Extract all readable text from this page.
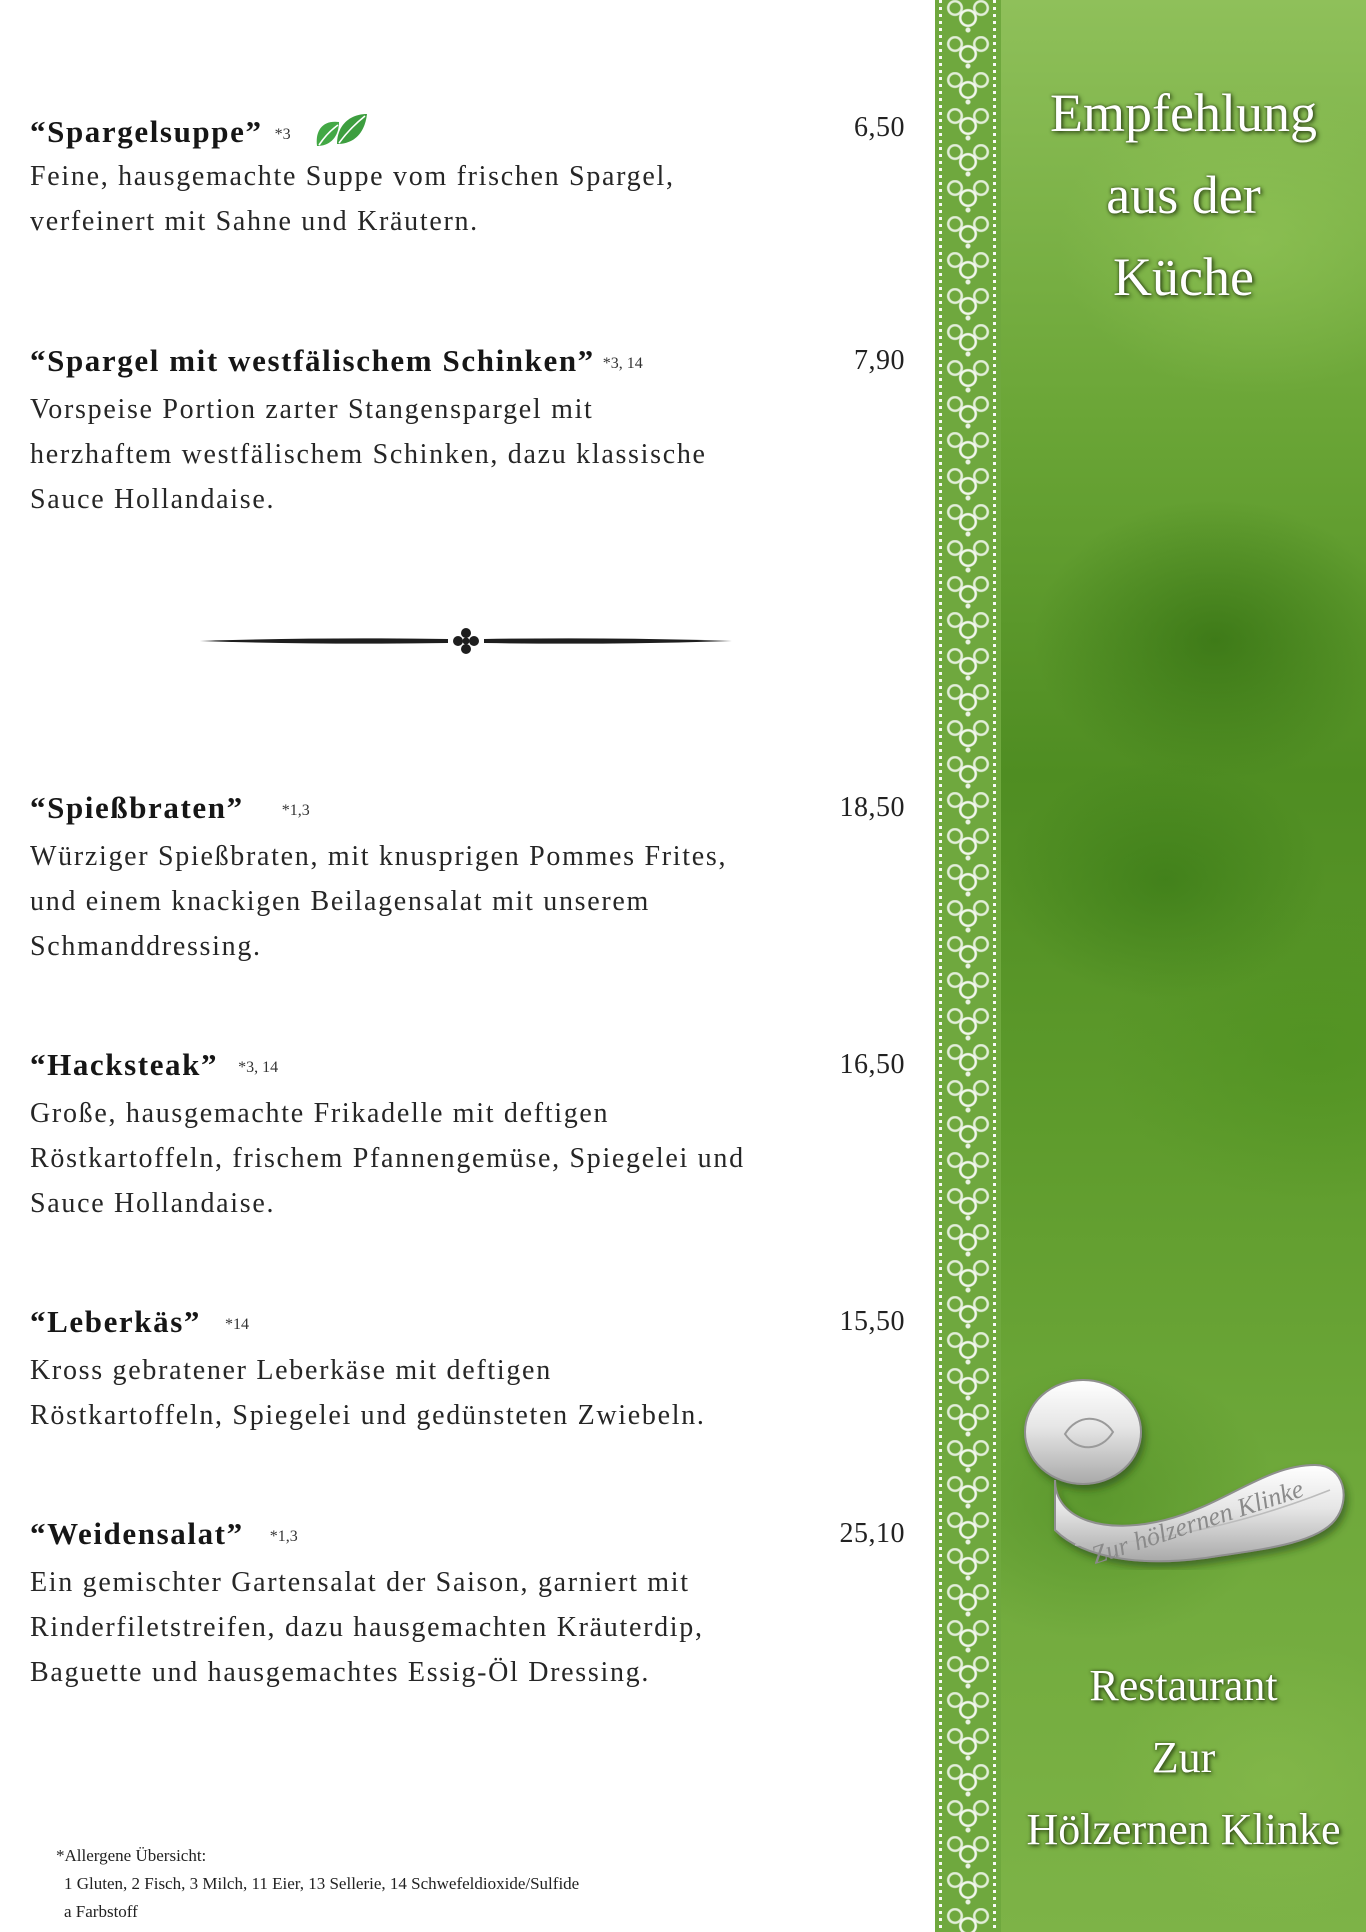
“Spargelsuppe” *3	6,50

Feine, hausgemachte Suppe vom frischen Spargel,
verfeinert mit Sahne und Kräutern.

“Spargel mit westfälischem Schinken” *3, 14	7,90

Vorspeise Portion zarter Stangenspargel mit
herzhaftem westfälischem Schinken, dazu klassische
Sauce Hollandaise.

“Spießbraten” *1,3	18,50

Würziger Spießbraten, mit knusprigen Pommes Frites,
und einem knackigen Beilagensalat mit unserem
Schmanddressing.

“Hacksteak” *3, 14	16,50

Große, hausgemachte Frikadelle mit deftigen
Röstkartoffeln, frischem Pfannengemüse, Spiegelei und
Sauce Hollandaise.

“Leberkäs” *14	15,50

Kross gebratener Leberkäse mit deftigen
Röstkartoffeln, Spiegelei und gedünsteten Zwiebeln.

“Weidensalat” *1,3	25,10

Ein gemischter Gartensalat der Saison, garniert mit
Rinderfiletstreifen, dazu hausgemachten Kräuterdip,
Baguette und hausgemachtes Essig-Öl Dressing.

*Allergene Übersicht:
1 Gluten, 2 Fisch, 3 Milch, 11 Eier, 13 Sellerie, 14 Schwefeldioxide/Sulfide
a Farbstoff
Empfehlung
aus der
Küche
Zur hölzernen Klinke
Restaurant
Zur
Hölzernen Klinke
